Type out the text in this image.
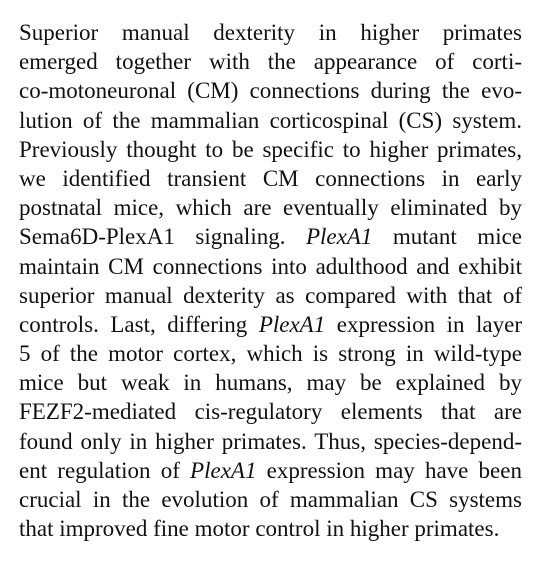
Superior manual dexterity in higher primates
emerged together with the appearance of corti-
co-motoneuronal (CM) connections during the evo-
lution of the mammalian corticospinal (CS) system.
Previously thought to be specific to higher primates,
we identified transient CM connections in early
postnatal mice, which are eventually eliminated by
Sema6D-PlexA1 signaling. PlexA1 mutant mice
maintain CM connections into adulthood and exhibit
superior manual dexterity as compared with that of
controls. Last, differing PlexA1 expression in layer
5 of the motor cortex, which is strong in wild-type
mice but weak in humans, may be explained by
FEZF2-mediated cis-regulatory elements that are
found only in higher primates. Thus, species-depend-
ent regulation of PlexA1 expression may have been
crucial in the evolution of mammalian CS systems
that improved fine motor control in higher primates.
